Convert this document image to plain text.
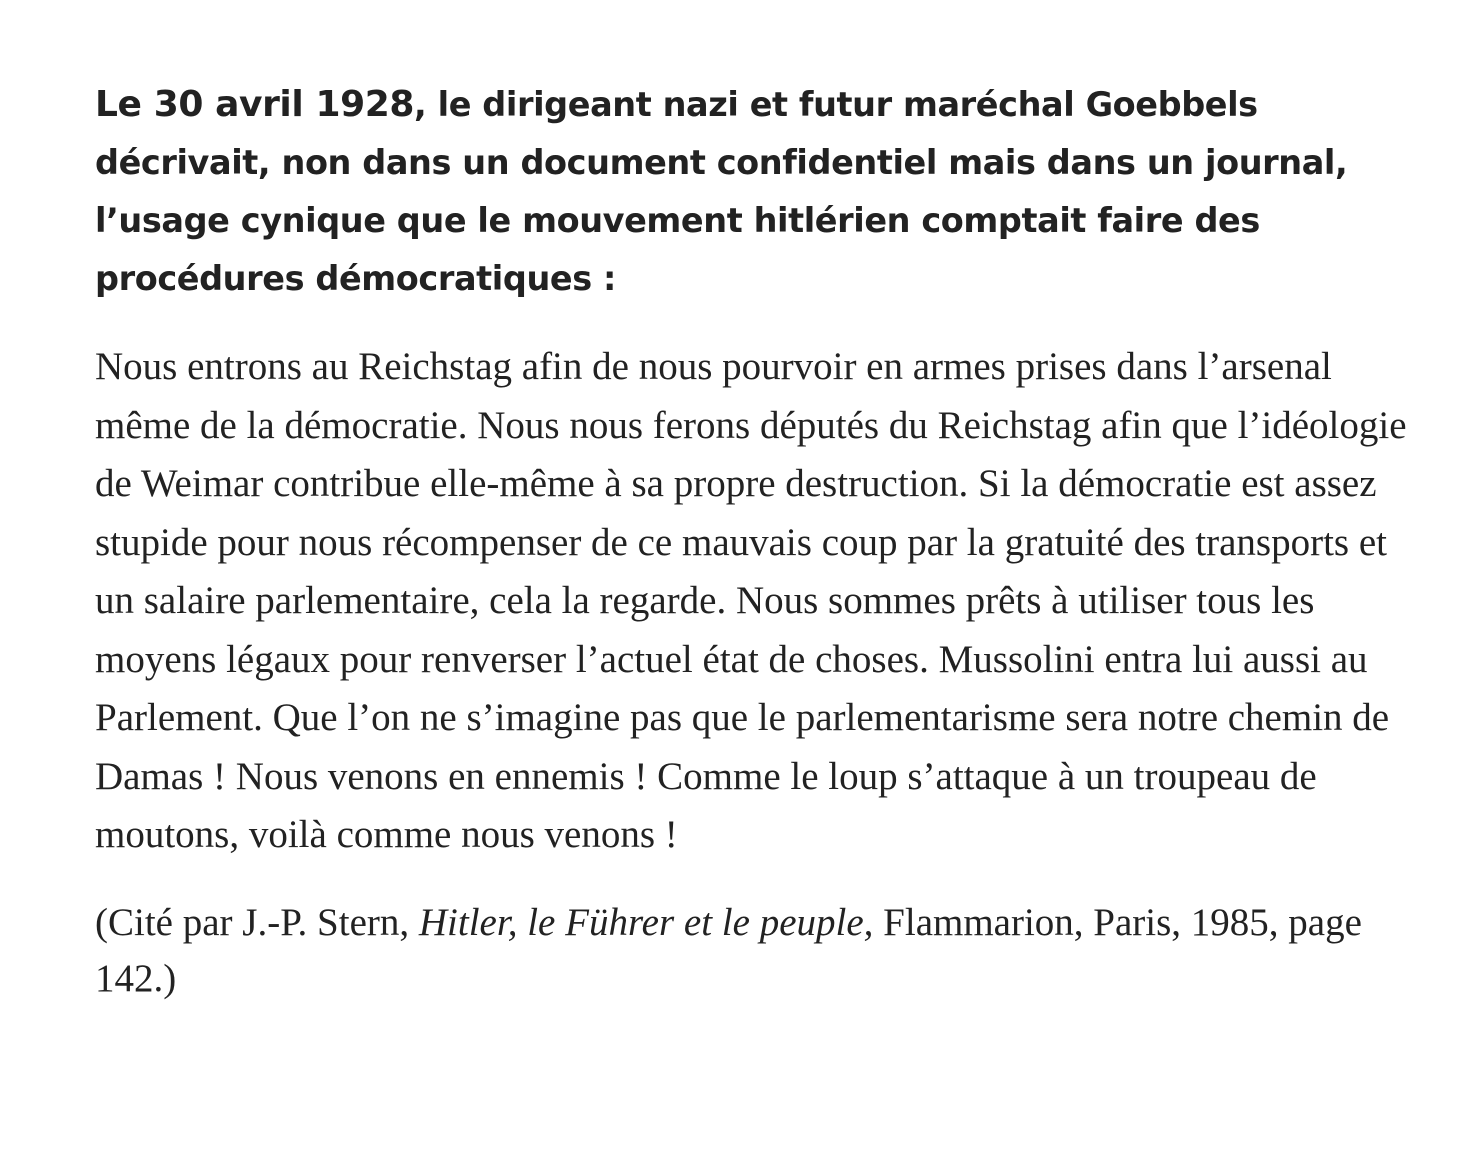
Le 30 avril 1928, le dirigeant nazi et futur maréchal Goebbels décrivait, non dans un document confidentiel mais dans un journal, l’usage cynique que le mouvement hitlérien comptait faire des procédures démocratiques :

Nous entrons au Reichstag afin de nous pourvoir en armes prises dans l’arsenal même de la démocratie. Nous nous ferons députés du Reichstag afin que l’idéologie de Weimar contribue elle-même à sa propre destruction. Si la démocratie est assez stupide pour nous récompenser de ce mauvais coup par la gratuité des transports et un salaire parlementaire, cela la regarde. Nous sommes prêts à utiliser tous les moyens légaux pour renverser l’actuel état de choses. Mussolini entra lui aussi au Parlement. Que l’on ne s’imagine pas que le parlementarisme sera notre chemin de Damas ! Nous venons en ennemis ! Comme le loup s’attaque à un troupeau de moutons, voilà comme nous venons !

(Cité par J.-P. Stern, Hitler, le Führer et le peuple, Flammarion, Paris, 1985, page 142.)
